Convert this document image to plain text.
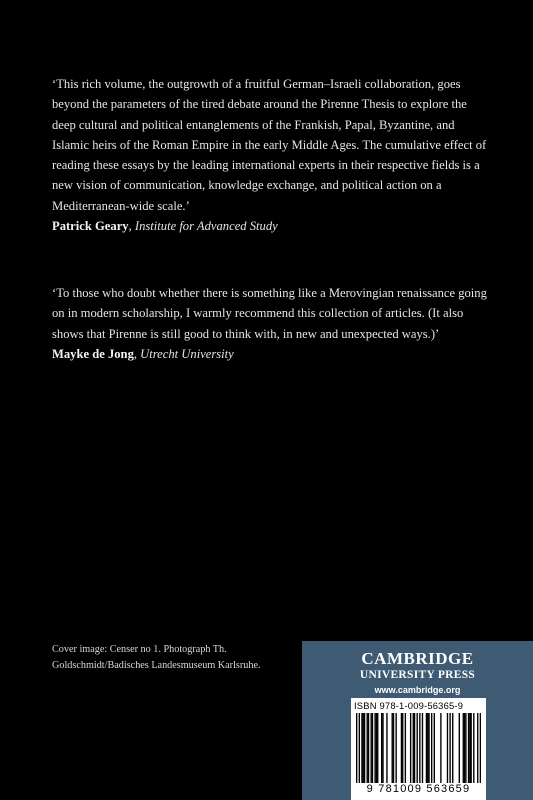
‘This rich volume, the outgrowth of a fruitful German–Israeli collaboration, goes beyond the parameters of the tired debate around the Pirenne Thesis to explore the deep cultural and political entanglements of the Frankish, Papal, Byzantine, and Islamic heirs of the Roman Empire in the early Middle Ages. The cumulative effect of reading these essays by the leading international experts in their respective fields is a new vision of communication, knowledge exchange, and political action on a Mediterranean-wide scale.’

Patrick Geary, Institute for Advanced Study

‘To those who doubt whether there is something like a Merovingian renaissance going on in modern scholarship, I warmly recommend this collection of articles. (It also shows that Pirenne is still good to think with, in new and unexpected ways.)’

Mayke de Jong, Utrecht University

Cover image: Censer no 1. Photograph Th. Goldschmidt/Badisches Landesmuseum Karlsruhe.	CAMBRIDGE
UNIVERSITY PRESS
www.cambridge.org
ISBN 978-1-009-56365-9
9 781009 563659
